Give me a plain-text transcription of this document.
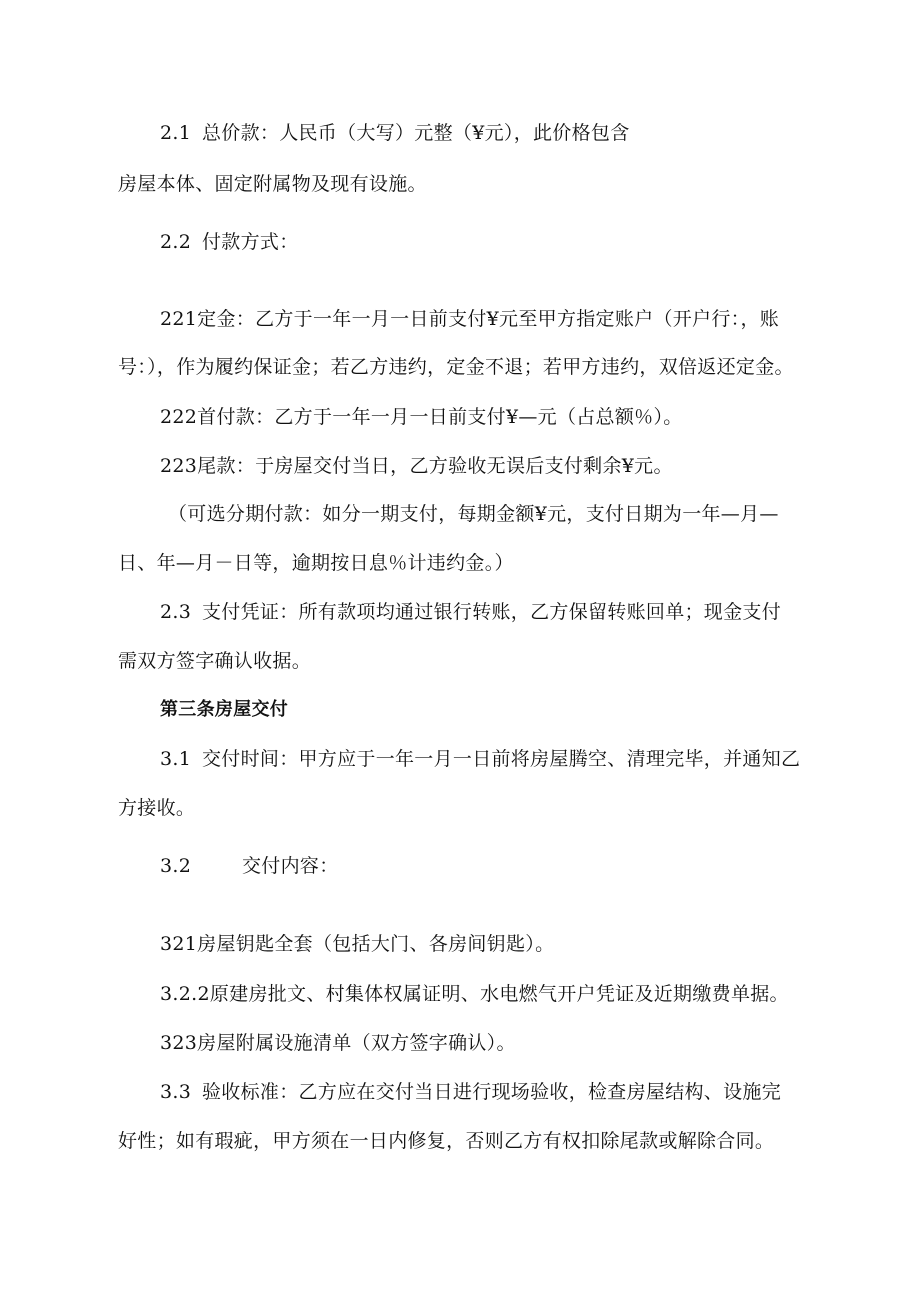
2.1 总价款：人民币（大写）元整（¥元），此价格包含
房屋本体、固定附属物及现有设施。
2.2 付款方式：
221定金：乙方于一年一月一日前支付¥元至甲方指定账户（开户行：，账
号：），作为履约保证金；若乙方违约，定金不退；若甲方违约，双倍返还定金。
222首付款：乙方于一年一月一日前支付¥—元（占总额％）。
223尾款：于房屋交付当日，乙方验收无误后支付剩余¥元。
（可选分期付款：如分一期支付，每期金额¥元，支付日期为一年—月—
日、年—月－日等，逾期按日息％计违约金。）
2.3 支付凭证：所有款项均通过银行转账，乙方保留转账回单；现金支付
需双方签字确认收据。
第三条房屋交付
3.1 交付时间：甲方应于一年一月一日前将房屋腾空、清理完毕，并通知乙
方接收。
3.2	交付内容：
321房屋钥匙全套（包括大门、各房间钥匙）。
3.2.2原建房批文、村集体权属证明、水电燃气开户凭证及近期缴费单据。
323房屋附属设施清单（双方签字确认）。
3.3 验收标准：乙方应在交付当日进行现场验收，检查房屋结构、设施完
好性；如有瑕疵，甲方须在一日内修复，否则乙方有权扣除尾款或解除合同。
